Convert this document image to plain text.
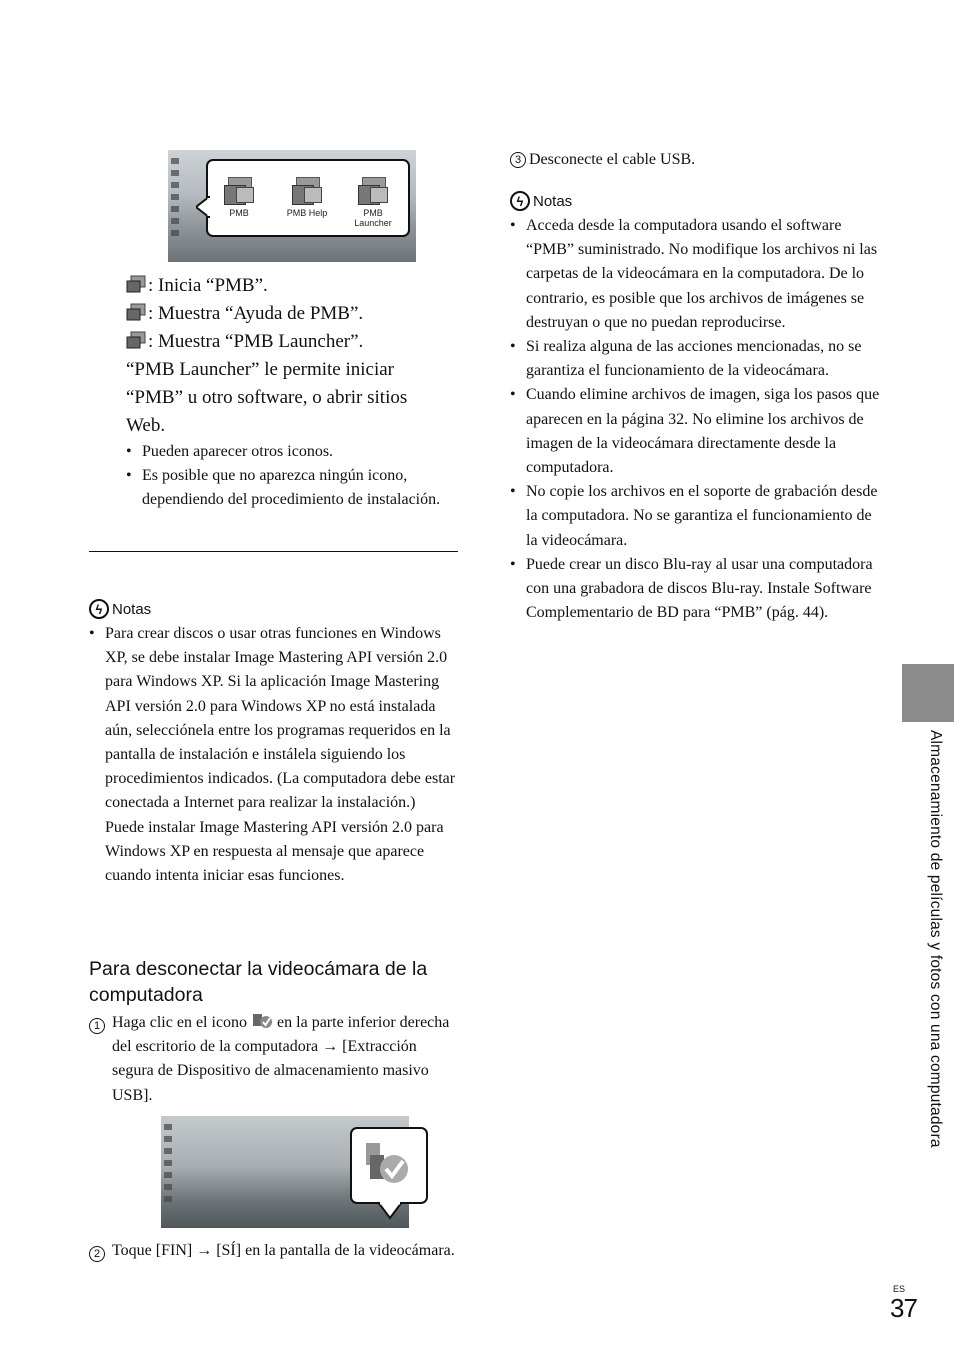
PMB	PMB Help	PMB Launcher

: Inicia “PMB”.

: Muestra “Ayuda de PMB”.

: Muestra “PMB Launcher”.

“PMB Launcher” le permite iniciar “PMB” u otro software, o abrir sitios Web.

• Pueden aparecer otros iconos.
• Es posible que no aparezca ningún icono, dependiendo del procedimiento de instalación.
ϟ Notas
• Para crear discos o usar otras funciones en Windows XP, se debe instalar Image Mastering API versión 2.0 para Windows XP. Si la aplicación Image Mastering API versión 2.0 para Windows XP no está instalada aún, selecciónela entre los programas requeridos en la pantalla de instalación e instálela siguiendo los procedimientos indicados. (La computadora debe estar conectada a Internet para realizar la instalación.) Puede instalar Image Mastering API versión 2.0 para Windows XP en respuesta al mensaje que aparece cuando intenta iniciar esas funciones.
Para desconectar la videocámara de la computadora
1 Haga clic en el icono en la parte inferior derecha del escritorio de la computadora → [Extracción segura de Dispositivo de almacenamiento masivo USB].

2 Toque [FIN] → [SÍ] en la pantalla de la videocámara.

3 Desconecte el cable USB.
ϟ Notas
• Acceda desde la computadora usando el software “PMB” suministrado. No modifique los archivos ni las carpetas de la videocámara en la computadora. De lo contrario, es posible que los archivos de imágenes se destruyan o que no puedan reproducirse.
• Si realiza alguna de las acciones mencionadas, no se garantiza el funcionamiento de la videocámara.
• Cuando elimine archivos de imagen, siga los pasos que aparecen en la página 32. No elimine los archivos de imagen de la videocámara directamente desde la computadora.
• No copie los archivos en el soporte de grabación desde la computadora. No se garantiza el funcionamiento de la videocámara.
• Puede crear un disco Blu-ray al usar una computadora con una grabadora de discos Blu-ray. Instale Software Complementario de BD para “PMB” (pág. 44).
Almacenamiento de películas y fotos con una computadora
ES
37
